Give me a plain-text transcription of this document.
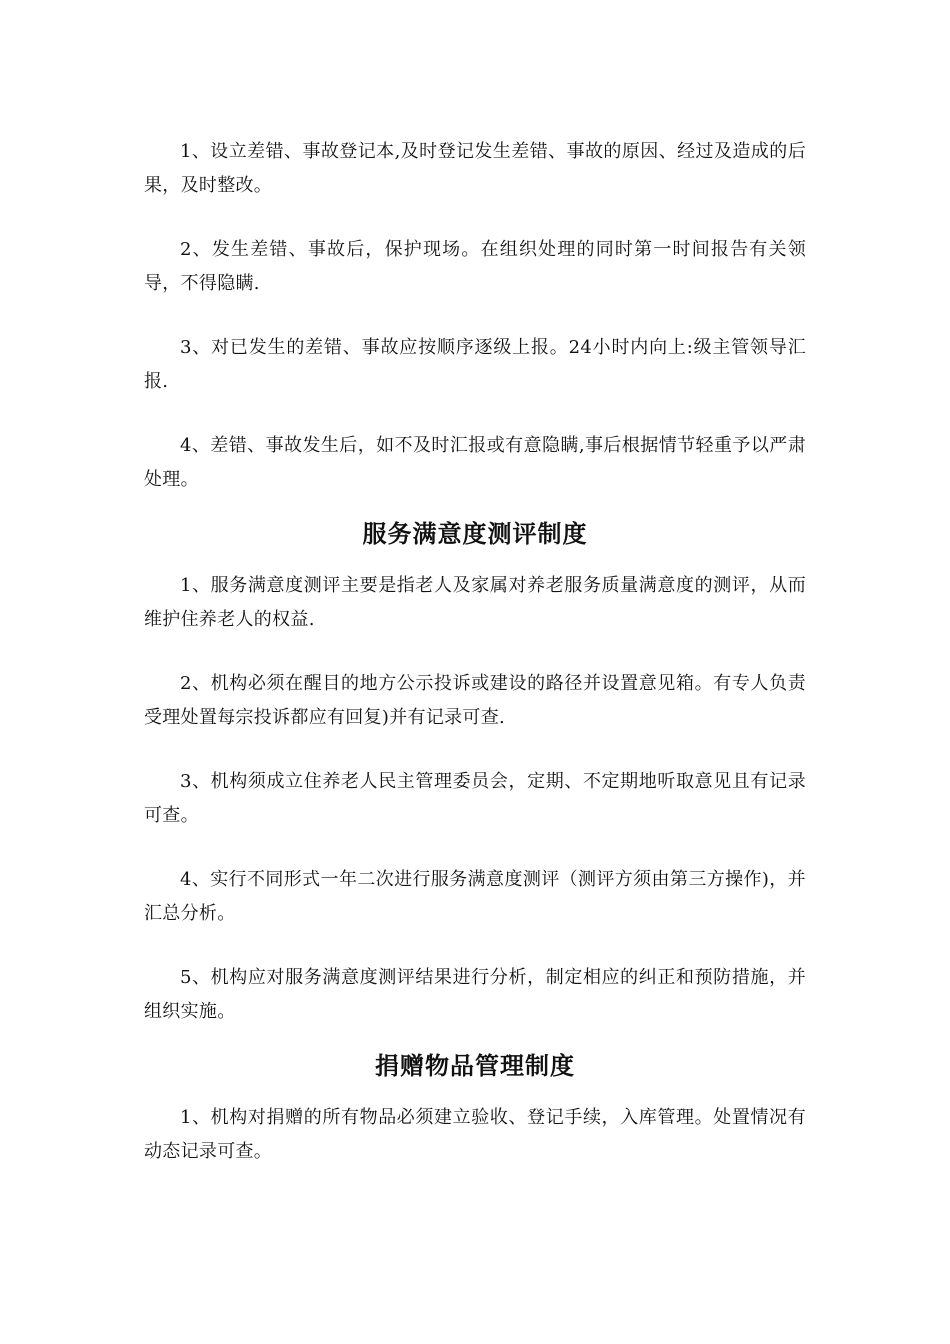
1、设立差错、事故登记本,及时登记发生差错、事故的原因、经过及造成的后果，及时整改。

2、发生差错、事故后，保护现场。在组织处理的同时第一时间报告有关领导，不得隐瞒.

3、对已发生的差错、事故应按顺序逐级上报。24小时内向上:级主管领导汇报.

4、差错、事故发生后，如不及时汇报或有意隐瞒,事后根据情节轻重予以严肃处理。

服务满意度测评制度

1、服务满意度测评主要是指老人及家属对养老服务质量满意度的测评，从而维护住养老人的权益.

2、机构必须在醒目的地方公示投诉或建设的路径并设置意见箱。有专人负责受理处置每宗投诉都应有回复)并有记录可查.

3、机构须成立住养老人民主管理委员会，定期、不定期地听取意见且有记录可查。

4、实行不同形式一年二次进行服务满意度测评（测评方须由第三方操作)，并汇总分析。

5、机构应对服务满意度测评结果进行分析，制定相应的纠正和预防措施，并组织实施。

捐赠物品管理制度

1、机构对捐赠的所有物品必须建立验收、登记手续，入库管理。处置情况有动态记录可查。
